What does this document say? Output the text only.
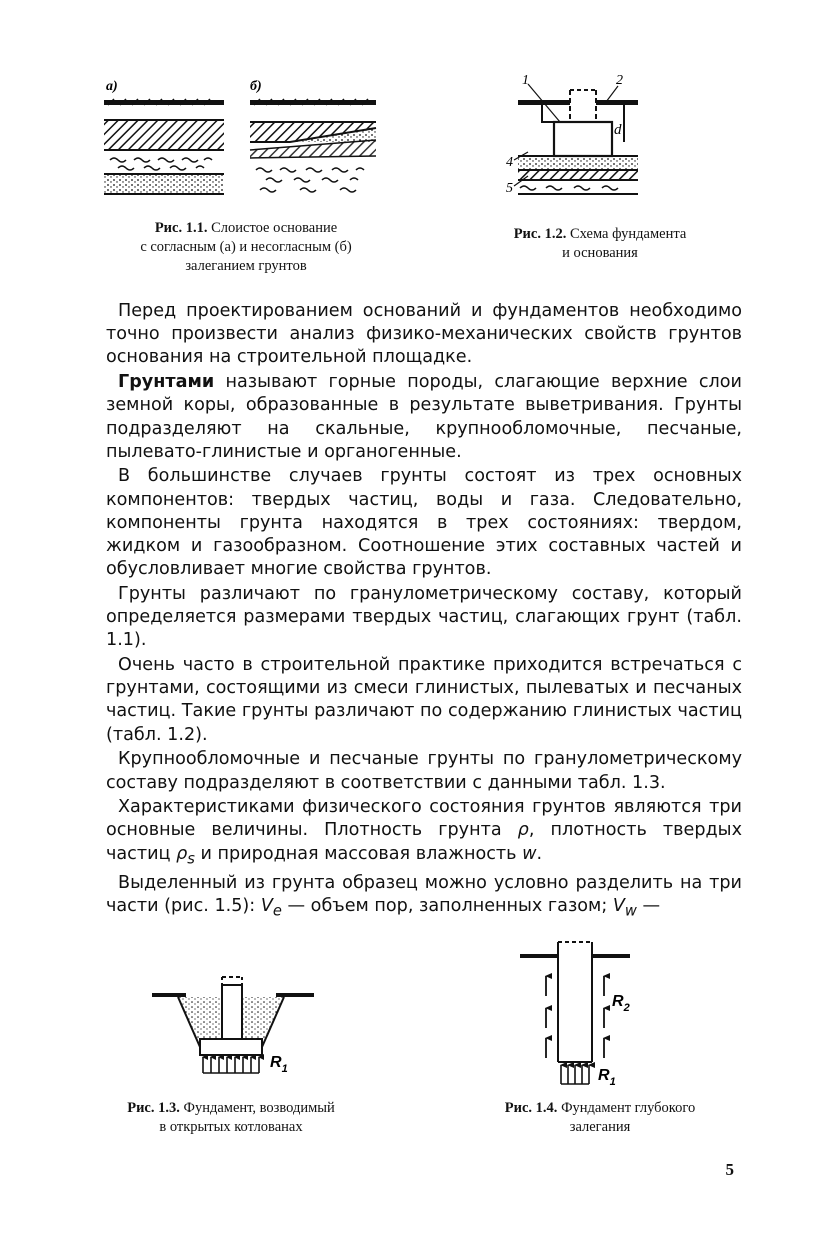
а)	б)
Рис. 1.1. Слоистое основание
с согласным (а) и несогласным (б)
залеганием грунтов
1	2
d
4
5
Рис. 1.2. Схема фундамента
и основания

Перед проектированием оснований и фундаментов необходимо точно произвести анализ физико-механических свойств грунтов основания на строительной площадке.

Грунтами называют горные породы, слагающие верхние слои земной коры, образованные в результате выветривания. Грунты подразделяют на скальные, крупнообломочные, песчаные, пылевато-глинистые и органогенные.

В большинстве случаев грунты состоят из трех основных компонентов: твердых частиц, воды и газа. Следовательно, компоненты грунта находятся в трех состояниях: твердом, жидком и газообразном. Соотношение этих составных частей и обусловливает многие свойства грунтов.

Грунты различают по гранулометрическому составу, который определяется размерами твердых частиц, слагающих грунт (табл. 1.1).

Очень часто в строительной практике приходится встречаться с грунтами, состоящими из смеси глинистых, пылеватых и песчаных частиц. Такие грунты различают по содержанию глинистых частиц (табл. 1.2).

Крупнообломочные и песчаные грунты по гранулометрическому составу подразделяют в соответствии с данными табл. 1.3.

Характеристиками физического состояния грунтов являются три основные величины. Плотность грунта ρ, плотность твердых частиц $\rho_s$ и природная массовая влажность w.

Выделенный из грунта образец можно условно разделить на три части (рис. 1.5): $V_e$ — объем пор, заполненных газом; $V_w$ —

$R_1$
Рис. 1.3. Фундамент, возводимый
в открытых котлованах
$R_2$
$R_1$
Рис. 1.4. Фундамент глубокого
залегания
5
